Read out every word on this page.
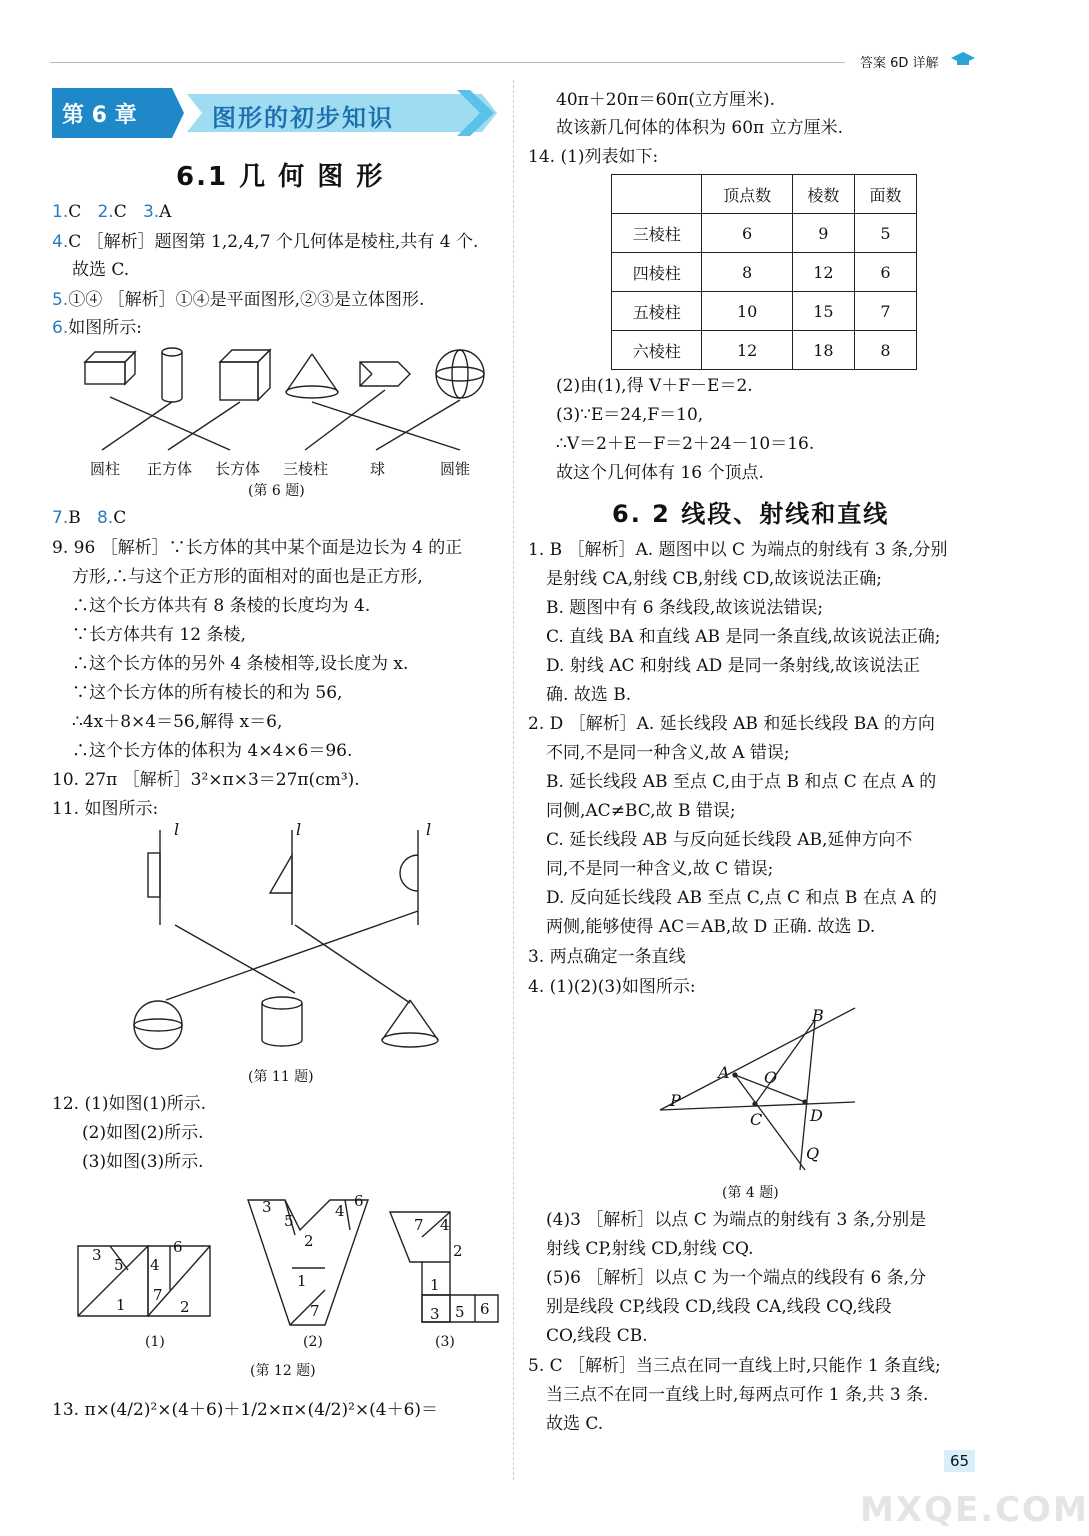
答案 6D 详解
第 6 章	图形的初步知识
6.1 几 何 图 形
1.C 2.C 3.A
4.C ［解析］题图第 1,2,4,7 个几何体是棱柱,共有 4 个.
故选 C.
5.①④ ［解析］①④是平面图形,②③是立体图形.
6.如图所示:
圆柱 正方体 长方体 三棱柱	球	圆锥
(第 6 题)
7.B 8.C
9. 96 ［解析］∵长方体的其中某个面是边长为 4 的正
方形,∴与这个正方形的面相对的面也是正方形,
∴这个长方体共有 8 条棱的长度均为 4.
∵长方体共有 12 条棱,
∴这个长方体的另外 4 条棱相等,设长度为 x.
∵这个长方体的所有棱长的和为 56,
∴4x＋8×4＝56,解得 x＝6,
∴这个长方体的体积为 4×4×6＝96.
10. 27π ［解析］3²×π×3＝27π(cm³).
11. 如图所示:
l	l	l
(第 11 题)
12. (1)如图(1)所示.
(2)如图(2)所示.
(3)如图(3)所示.
3
5 4
6
7
1	2
3
5
4
6
2
1
7
7 4
2
1
3 5 6
(1)	(2)	(3)
(第 12 题)
13. π×(4/2)²×(4＋6)＋1/2×π×(4/2)²×(4＋6)＝
40π＋20π＝60π(立方厘米).
故该新几何体的体积为 60π 立方厘米.
14. (1)列表如下:
	顶点数	棱数	面数
三棱柱	6	9	5
四棱柱	8	12	6
五棱柱	10	15	7
六棱柱	12	18	8
(2)由(1),得 V＋F－E＝2.
(3)∵E＝24,F＝10,
∴V＝2＋E－F＝2＋24－10＝16.
故这个几何体有 16 个顶点.
6. 2 线段、射线和直线
1. B ［解析］A. 题图中以 C 为端点的射线有 3 条,分别
是射线 CA,射线 CB,射线 CD,故该说法正确;
B. 题图中有 6 条线段,故该说法错误;
C. 直线 BA 和直线 AB 是同一条直线,故该说法正确;
D. 射线 AC 和射线 AD 是同一条射线,故该说法正
确. 故选 B.
2. D ［解析］A. 延长线段 AB 和延长线段 BA 的方向
不同,不是同一种含义,故 A 错误;
B. 延长线段 AB 至点 C,由于点 B 和点 C 在点 A 的
同侧,AC≠BC,故 B 错误;
C. 延长线段 AB 与反向延长线段 AB,延伸方向不
同,不是同一种含义,故 C 错误;
D. 反向延长线段 AB 至点 C,点 C 和点 B 在点 A 的
两侧,能够使得 AC＝AB,故 D 正确. 故选 D.
3. 两点确定一条直线
4. (1)(2)(3)如图所示:
B
A O
P
C	D
Q
(第 4 题)
(4)3 ［解析］以点 C 为端点的射线有 3 条,分别是
射线 CP,射线 CD,射线 CQ.
(5)6 ［解析］以点 C 为一个端点的线段有 6 条,分
别是线段 CP,线段 CD,线段 CA,线段 CQ,线段
CO,线段 CB.
5. C ［解析］当三点在同一直线上时,只能作 1 条直线;
当三点不在同一直线上时,每两点可作 1 条,共 3 条.
故选 C.
65
MXQE.COM
